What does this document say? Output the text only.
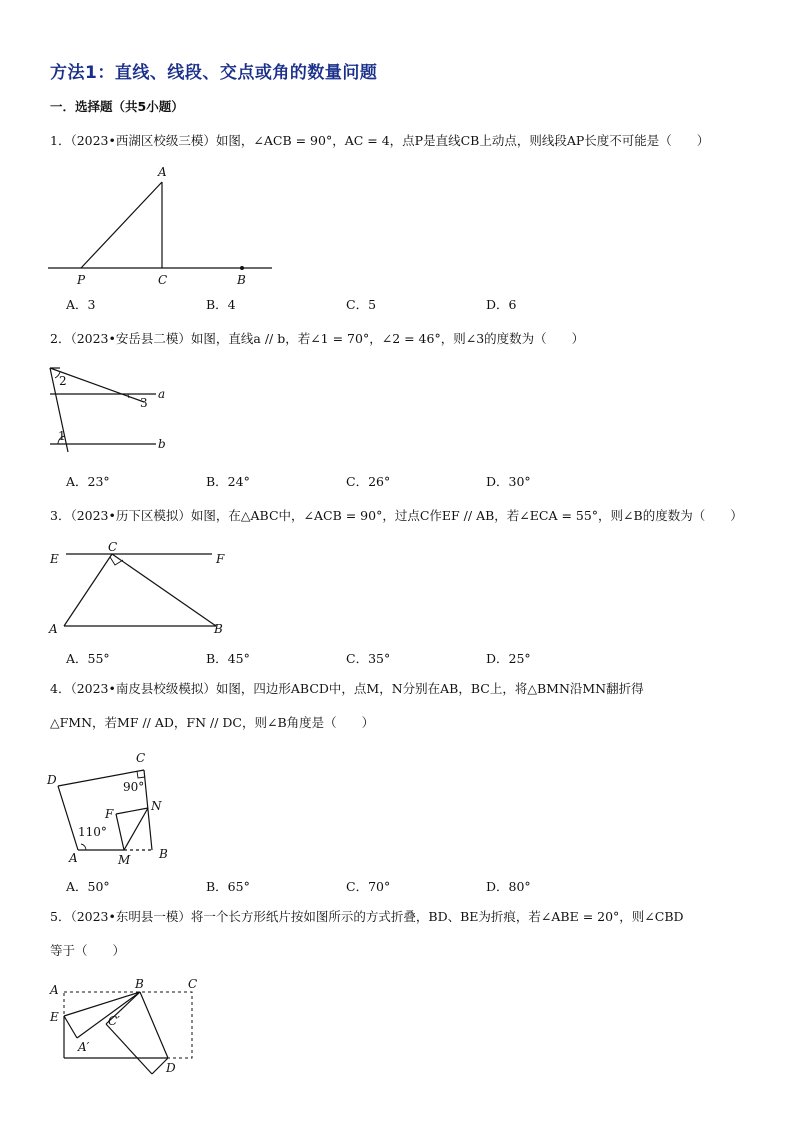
方法1：直线、线段、交点或角的数量问题
一．选择题（共5小题）
1．（2023•西湖区校级三模）如图，∠ACB = 90°，AC = 4，点P是直线CB上动点，则线段AP长度不可能是（　　）
A
P	C	B
A．3	B．4	C．5	D．6
2．（2023•安岳县二模）如图，直线a // b，若∠1 = 70°，∠2 = 46°，则∠3的度数为（　　）
2
a
3
1
b
A．23°	B．24°	C．26°	D．30°
3．（2023•历下区模拟）如图，在△ABC中，∠ACB = 90°，过点C作EF // AB，若∠ECA = 55°，则∠B的度数为（　　）
E
C
F
A	B
A．55°	B．45°	C．35°	D．25°
4．（2023•南皮县校级模拟）如图，四边形ABCD中，点M，N分别在AB，BC上，将△BMN沿MN翻折得
△FMN，若MF // AD，FN // DC，则∠B角度是（　　）
C
D	90°
F
N
110°
A	M B
A．50°	B．65°	C．70°	D．80°
5．（2023•东明县一模）将一个长方形纸片按如图所示的方式折叠，BD、BE为折痕，若∠ABE = 20°，则∠CBD
等于（　　）
A	B	C
E	C′
A′
D
